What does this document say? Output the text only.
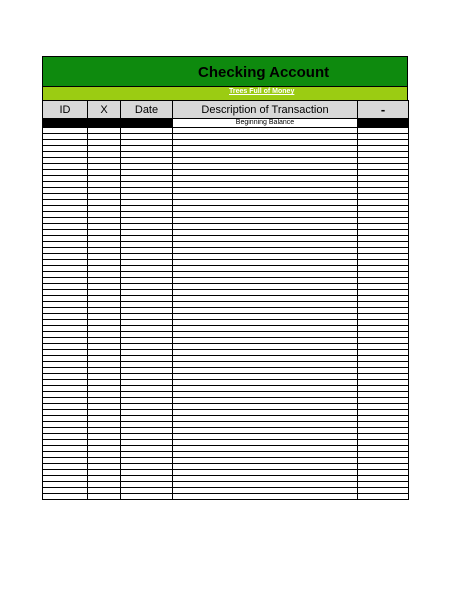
Checking Account
Trees Full of Money
ID	X	Date	Description of Transaction	-
			Beginning Balance	
